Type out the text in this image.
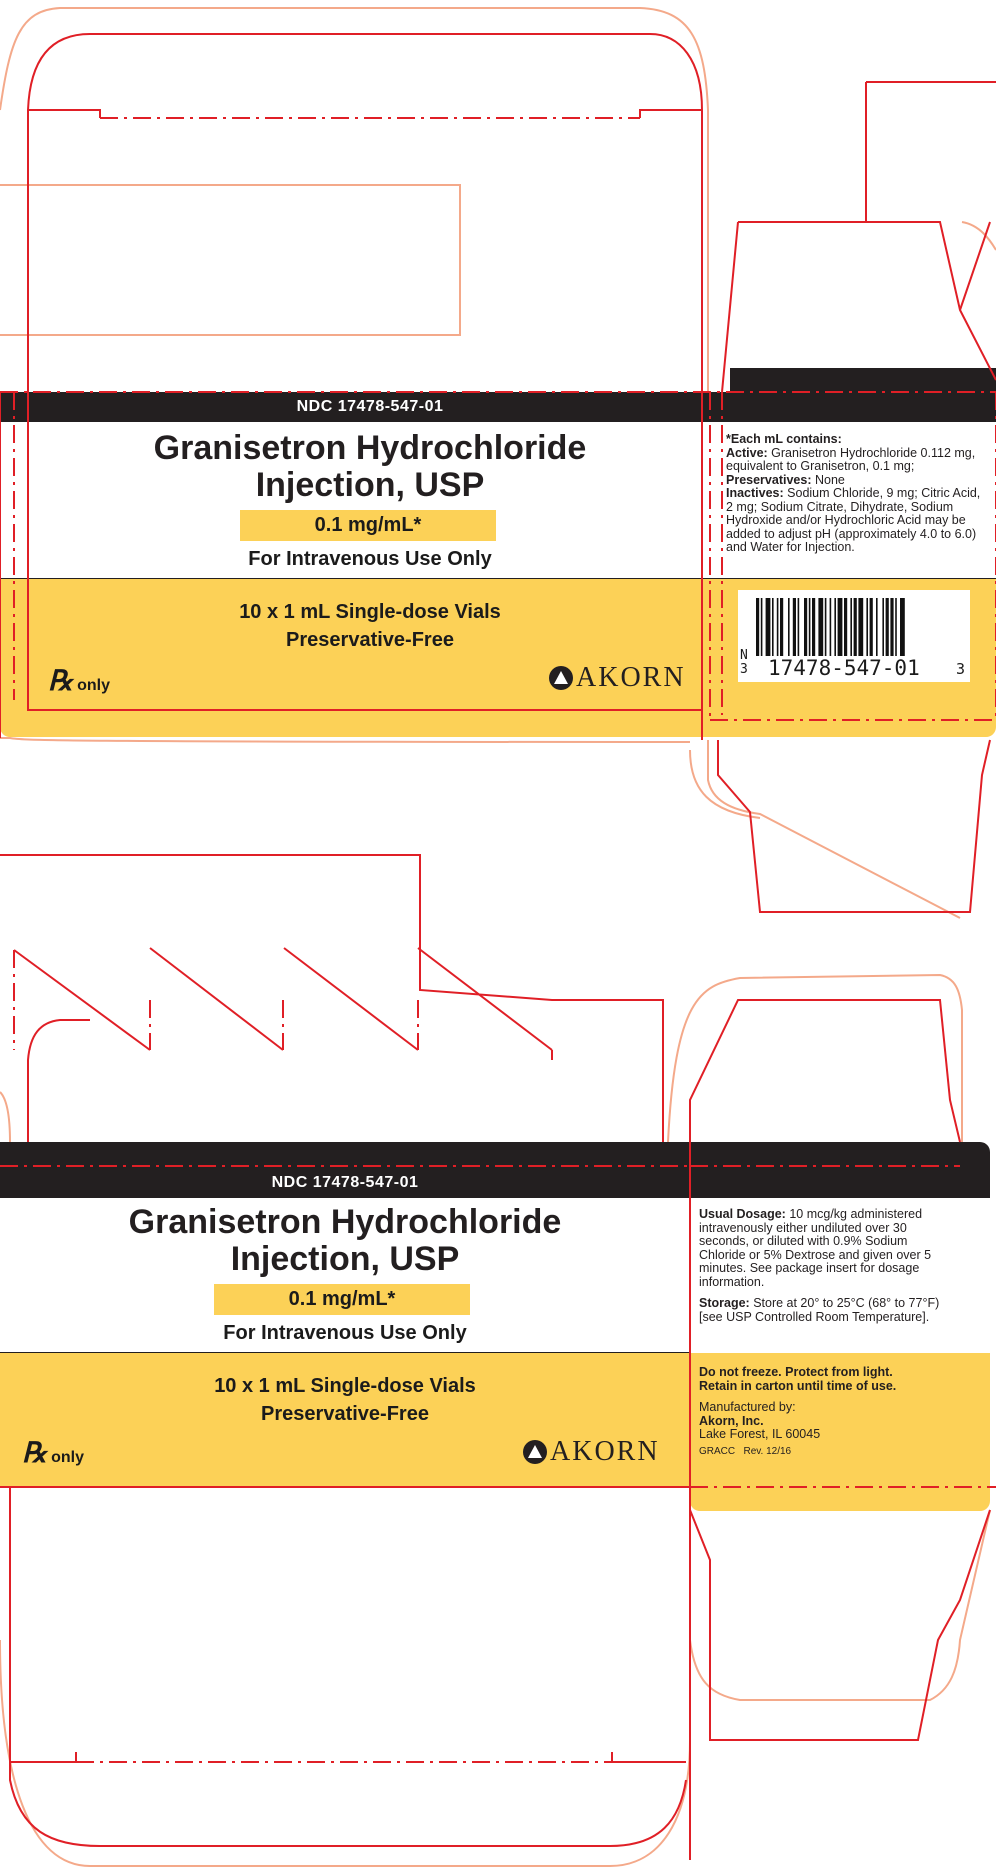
NDC 17478-547-01
Granisetron Hydrochloride
Injection, USP
0.1 mg/mL*
For Intravenous Use Only
10 x 1 mL Single-dose Vials
Preservative-Free
℞ only	AKORN
*Each mL contains:
Active: Granisetron Hydrochloride 0.112 mg, equivalent to Granisetron, 0.1 mg;
Preservatives: None
Inactives: Sodium Chloride, 9 mg; Citric Acid, 2 mg; Sodium Citrate, Dihydrate, Sodium Hydroxide and/or Hydrochloric Acid may be added to adjust pH (approximately 4.0 to 6.0) and Water for Injection.
N
3 17478-547-01 3
NDC 17478-547-01
Granisetron Hydrochloride
Injection, USP
0.1 mg/mL*
For Intravenous Use Only
10 x 1 mL Single-dose Vials
Preservative-Free
℞ only	AKORN
Usual Dosage: 10 mcg/kg administered intravenously either undiluted over 30 seconds, or diluted with 0.9% Sodium Chloride or 5% Dextrose and given over 5 minutes. See package insert for dosage information.
Storage: Store at 20° to 25°C (68° to 77°F) [see USP Controlled Room Temperature].
Do not freeze. Protect from light.
Retain in carton until time of use.
Manufactured by:
Akorn, Inc.
Lake Forest, IL 60045
GRACC Rev. 12/16
